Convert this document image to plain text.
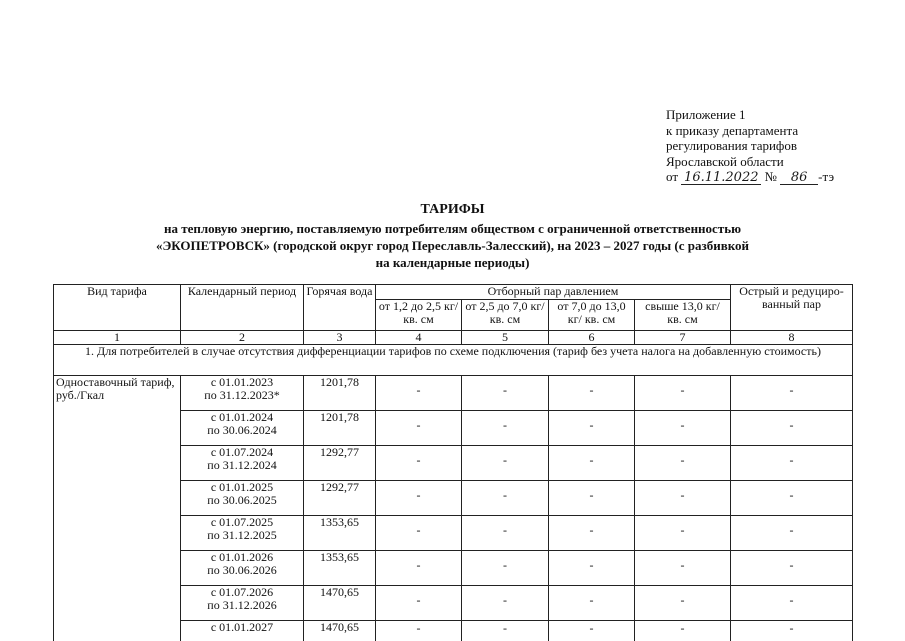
Приложение 1
к приказу департамента
регулирования тарифов
Ярославской области
от 16.11.2022 № 86 -тэ
ТАРИФЫ
на тепловую энергию, поставляемую потребителям обществом с ограниченной ответственностью
«ЭКОПЕТРОВСК» (городской округ город Переславль-Залесский), на 2023 – 2027 годы (с разбивкой
на календарные периоды)
Вид тарифа	Календарный период	Горячая вода	Отборный пар давлением				Острый и редуциро-ванный пар
			от 1,2 до 2,5 кг/ кв. см	от 2,5 до 7,0 кг/ кв. см	от 7,0 до 13,0 кг/ кв. см	свыше 13,0 кг/ кв. см	
1	2	3	4	5	6	7	8
1. Для потребителей в случае отсутствия дифференциации тарифов по схеме подключения (тариф без учета налога на добавленную стоимость)							
Одноставочный тариф, руб./Гкал	с 01.01.2023
по 31.12.2023*	1201,78	-	-	-	-	-

	с 01.01.2024
по 30.06.2024	1201,78	-	-	-	-	-

	с 01.07.2024
по 31.12.2024	1292,77	-	-	-	-	-

	с 01.01.2025
по 30.06.2025	1292,77	-	-	-	-	-

	с 01.07.2025
по 31.12.2025	1353,65	-	-	-	-	-

	с 01.01.2026
по 30.06.2026	1353,65	-	-	-	-	-

	с 01.07.2026
по 31.12.2026	1470,65	-	-	-	-	-

	с 01.01.2027	1470,65	-	-	-	-	-
